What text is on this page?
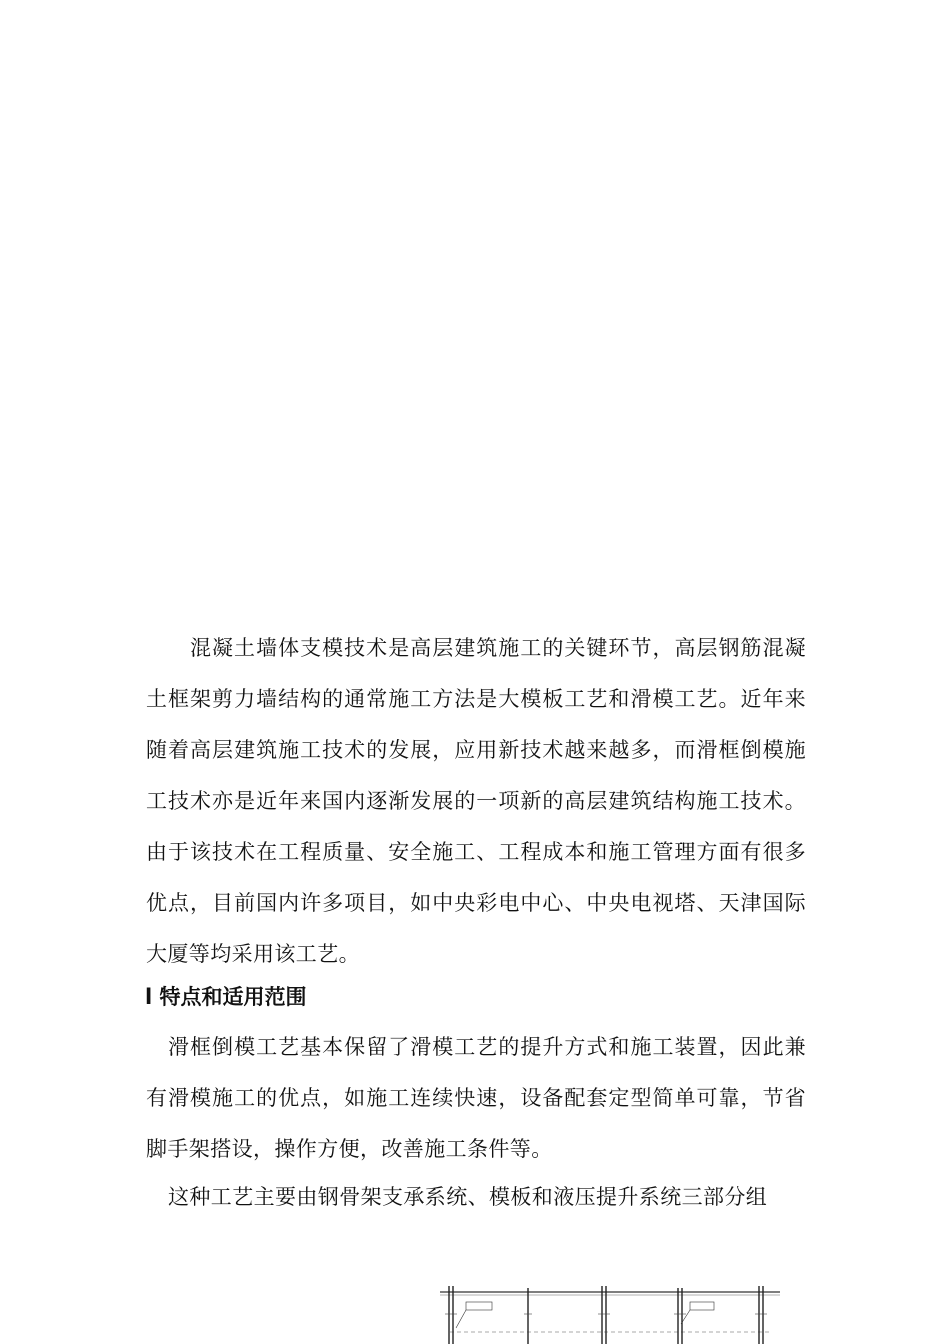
混凝土墙体支模技术是高层建筑施工的关键环节，高层钢筋混凝土框架剪力墙结构的通常施工方法是大模板工艺和滑模工艺。近年来随着高层建筑施工技术的发展，应用新技术越来越多，而滑框倒模施工技术亦是近年来国内逐渐发展的一项新的高层建筑结构施工技术。由于该技术在工程质量、安全施工、工程成本和施工管理方面有很多优点，目前国内许多项目，如中央彩电中心、中央电视塔、天津国际大厦等均采用该工艺。

l 特点和适用范围

滑框倒模工艺基本保留了滑模工艺的提升方式和施工装置，因此兼有滑模施工的优点，如施工连续快速，设备配套定型简单可靠，节省脚手架搭设，操作方便，改善施工条件等。

这种工艺主要由钢骨架支承系统、模板和液压提升系统三部分组
